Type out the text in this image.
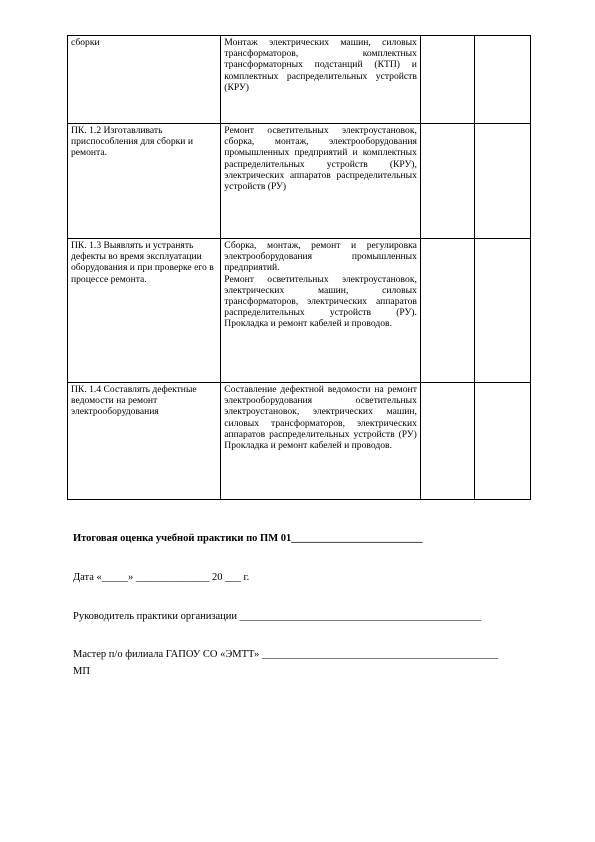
сборки	Монтаж электрических машин, силовых трансформаторов, комплектных трансформаторных подстанций (КТП) и комплектных распределительных устройств (КРУ)		

ПК. 1.2 Изготавливать приспособления для сборки и ремонта.	Ремонт осветительных электроустановок, сборка, монтаж, электрооборудования промышленных предприятий и комплектных распределительных устройств (КРУ), электрических аппаратов распределительных устройств (РУ)		

ПК. 1.3 Выявлять и устранять дефекты во время эксплуатации оборудования и при проверке его в процессе ремонта.	Сборка, монтаж, ремонт и регулировка электрооборудования промышленных предприятий.
Ремонт осветительных электроустановок, электрических машин, силовых трансформаторов, электрических аппаратов распределительных устройств (РУ). Прокладка и ремонт кабелей и проводов.		

ПК. 1.4 Составлять дефектные ведомости на ремонт электрооборудования	Составление дефектной ведомости на ремонт электрооборудования осветительных электроустановок, электрических машин, силовых трансформаторов, электрических аппаратов распределительных устройств (РУ) Прокладка и ремонт кабелей и проводов.		

Итоговая оценка учебной практики по ПМ 01_________________________
Дата «_____» ______________ 20 ___ г.
Руководитель практики организации ______________________________________________
Мастер п/о филиала ГАПОУ СО «ЭМТТ» _____________________________________________
МП
